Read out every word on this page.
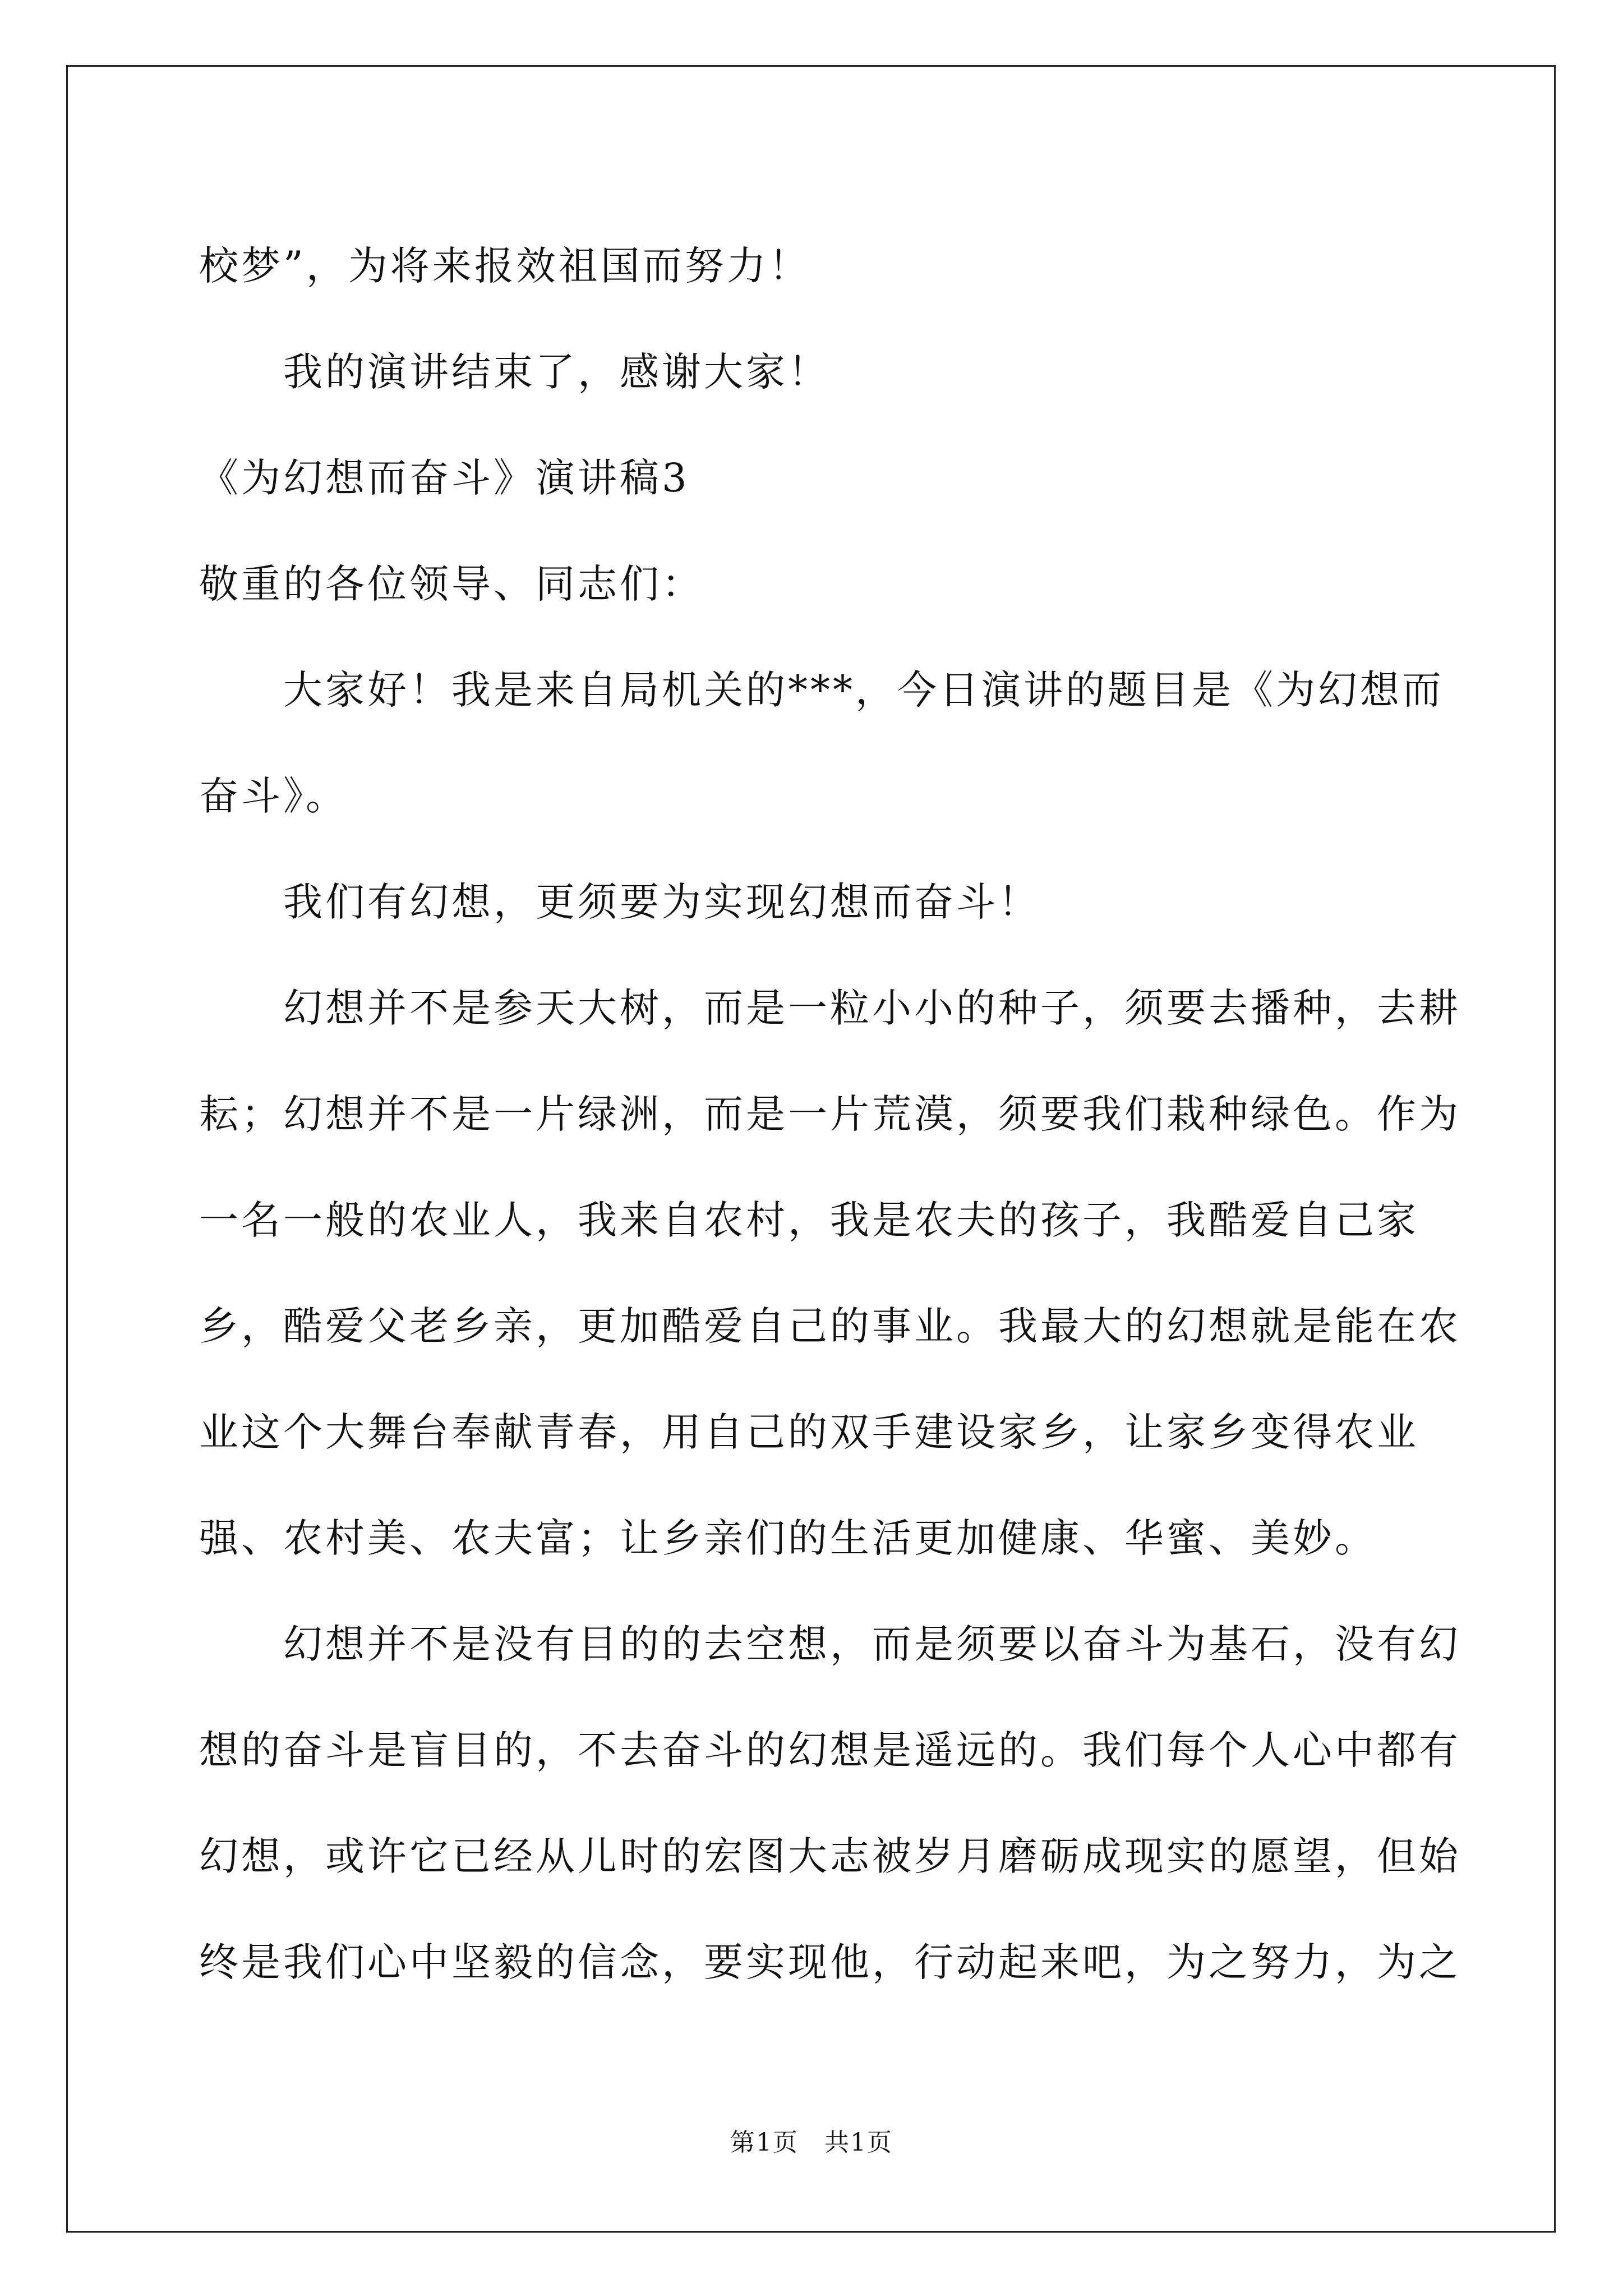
校梦”，为将来报效祖国而努力！

我的演讲结束了，感谢大家！

《为幻想而奋斗》演讲稿3

敬重的各位领导、同志们：

大家好！我是来自局机关的***，今日演讲的题目是《为幻想而奋斗》。

我们有幻想，更须要为实现幻想而奋斗！

幻想并不是参天大树，而是一粒小小的种子，须要去播种，去耕耘；幻想并不是一片绿洲，而是一片荒漠，须要我们栽种绿色。作为一名一般的农业人，我来自农村，我是农夫的孩子，我酷爱自己家乡，酷爱父老乡亲，更加酷爱自己的事业。我最大的幻想就是能在农业这个大舞台奉献青春，用自己的双手建设家乡，让家乡变得农业强、农村美、农夫富；让乡亲们的生活更加健康、华蜜、美妙。

幻想并不是没有目的的去空想，而是须要以奋斗为基石，没有幻想的奋斗是盲目的，不去奋斗的幻想是遥远的。我们每个人心中都有幻想，或许它已经从儿时的宏图大志被岁月磨砺成现实的愿望，但始终是我们心中坚毅的信念，要实现他，行动起来吧，为之努力，为之

第1页　共1页
